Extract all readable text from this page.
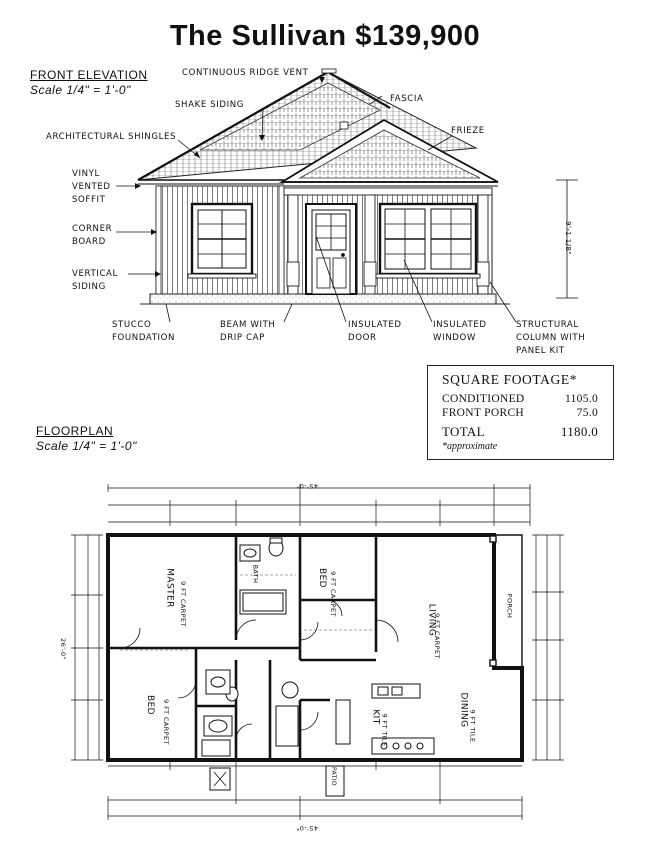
The Sullivan $139,900
FRONT ELEVATION
Scale 1/4" = 1'-0"
9'-1 1/8"
CONTINUOUS RIDGE VENT
FASCIA
SHAKE SIDING
FRIEZE
ARCHITECTURAL SHINGLES
VINYL
VENTED
SOFFIT
CORNER
BOARD
VERTICAL
SIDING
STUCCO
FOUNDATION
BEAM WITH
DRIP CAP
INSULATED
DOOR
INSULATED
WINDOW
STRUCTURAL
COLUMN WITH
PANEL KIT
SQUARE FOOTAGE*
CONDITIONED	1105.0
FRONT PORCH	75.0
TOTAL	1180.0
*approximate
FLOORPLAN
Scale 1/4" = 1'-0"
MASTER 9 FT CARPET
BED 9 FT CARPET
BED 9 FT CARPET
BATH
LIVING
9 FT CARPET
PORCH
KIT 9 FT TILE
DINING 9 FT TILE
PATIO
45'-0"
45'-0"
26'-0"
